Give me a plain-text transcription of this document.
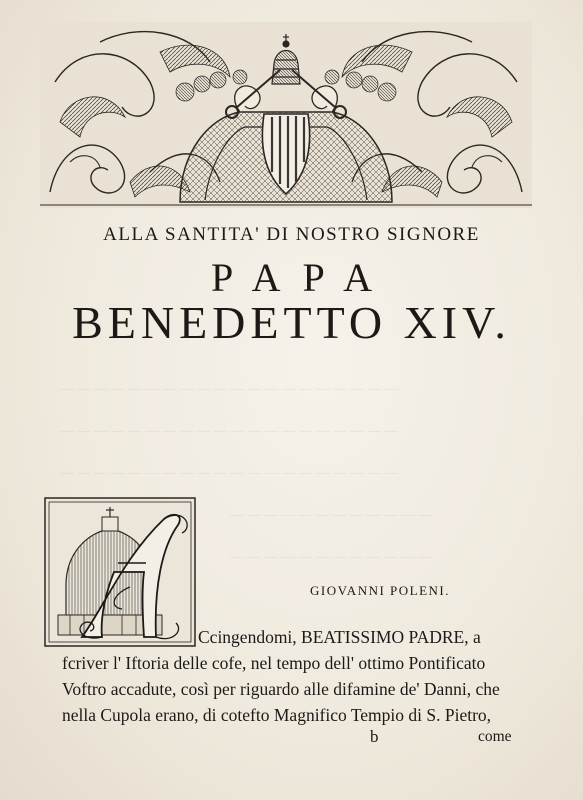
— — — — — — — — — — — — — — — — — — — —
— — — — — — — — — — — — — — — — — — — —
— — — — — — — — — — — — — — — — — — — —
— — — — — — — — — — — —
— — — — — — — — — — — —
ALLA SANTITA' DI NOSTRO SIGNORE
PAPA
BENEDETTO XIV.
GIOVANNI POLENI.
Ccingendomi, BEATISSIMO PADRE, a
fcriver l' Iftoria delle cofe, nel tempo dell' ottimo Pontificato
Voftro accadute, così per riguardo alle difamine de' Danni, che
nella Cupola erano, di cotefto Magnifico Tempio di S. Pietro,
b	come
